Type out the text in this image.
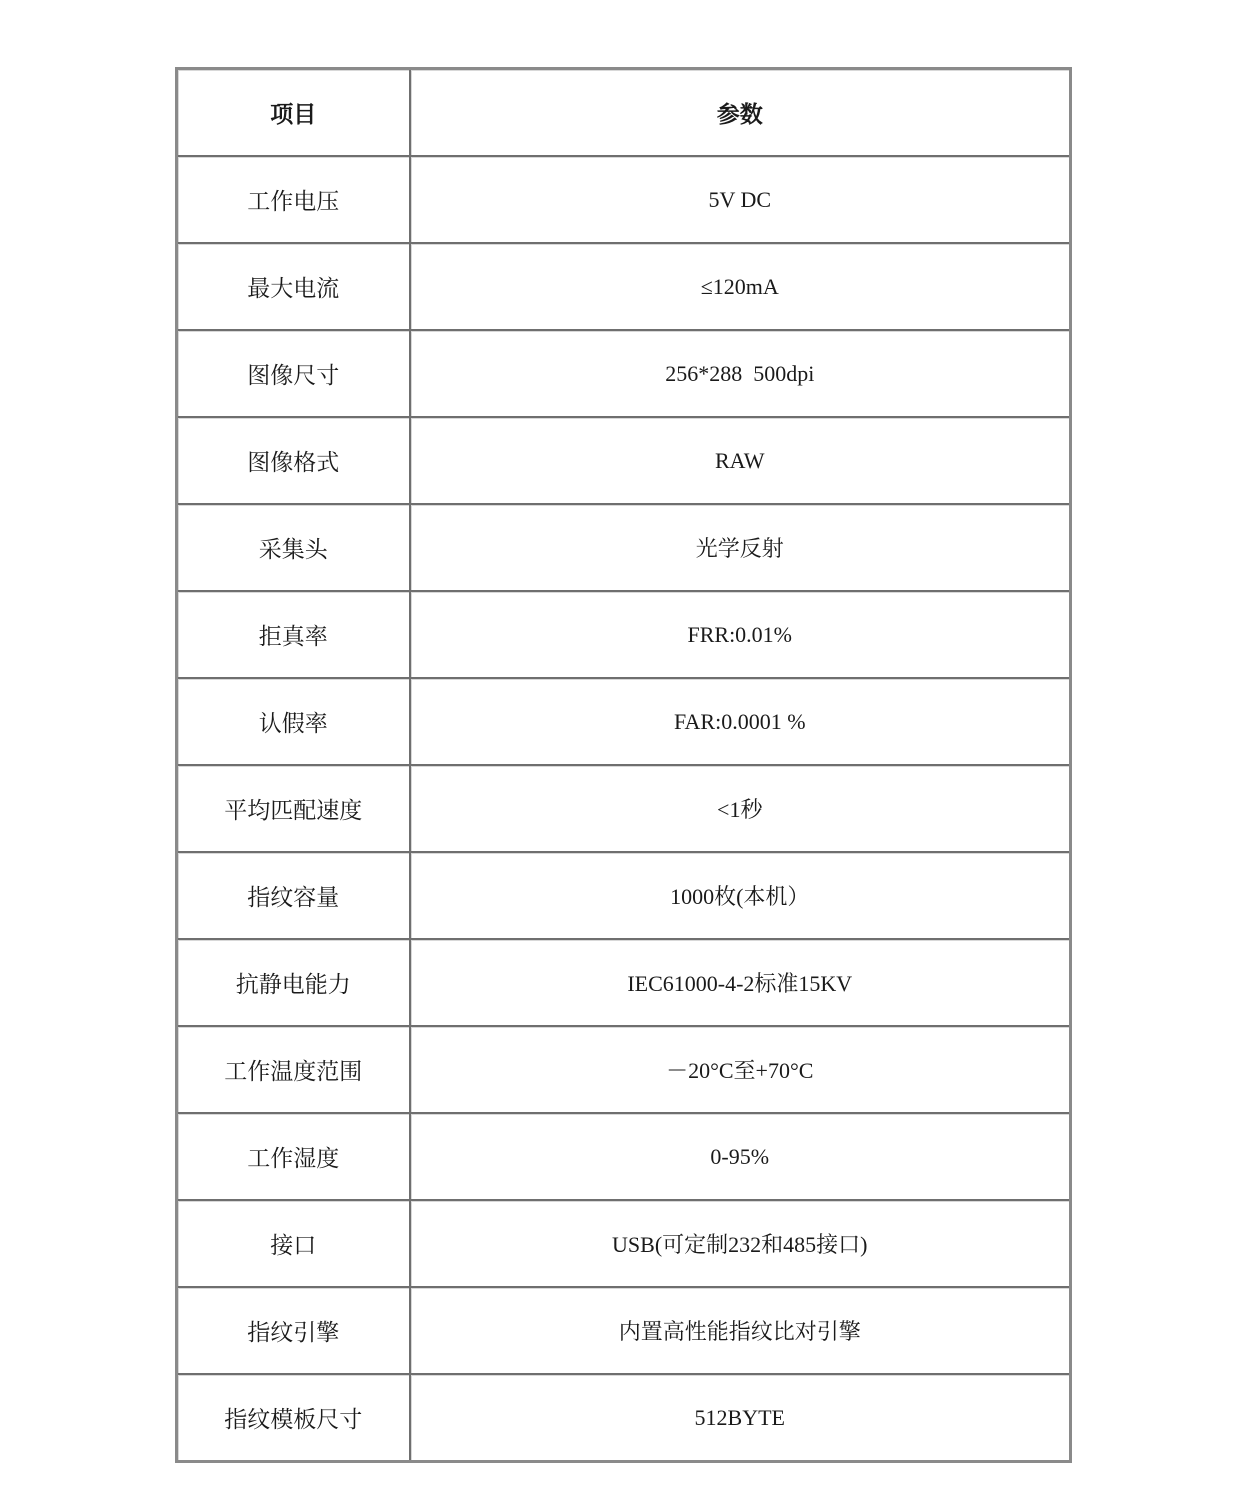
项目	参数
工作电压	5V DC
最大电流	≤120mA
图像尺寸	256*288  500dpi
图像格式	RAW
采集头	光学反射
拒真率	FRR:0.01%
认假率	FAR:0.0001 %
平均匹配速度	<1秒
指纹容量	1000枚(本机）
抗静电能力	IEC61000-4-2标准15KV
工作温度范围	－20°C至+70°C
工作湿度	0-95%
接口	USB(可定制232和485接口)
指纹引擎	内置高性能指纹比对引擎
指纹模板尺寸	512BYTE
